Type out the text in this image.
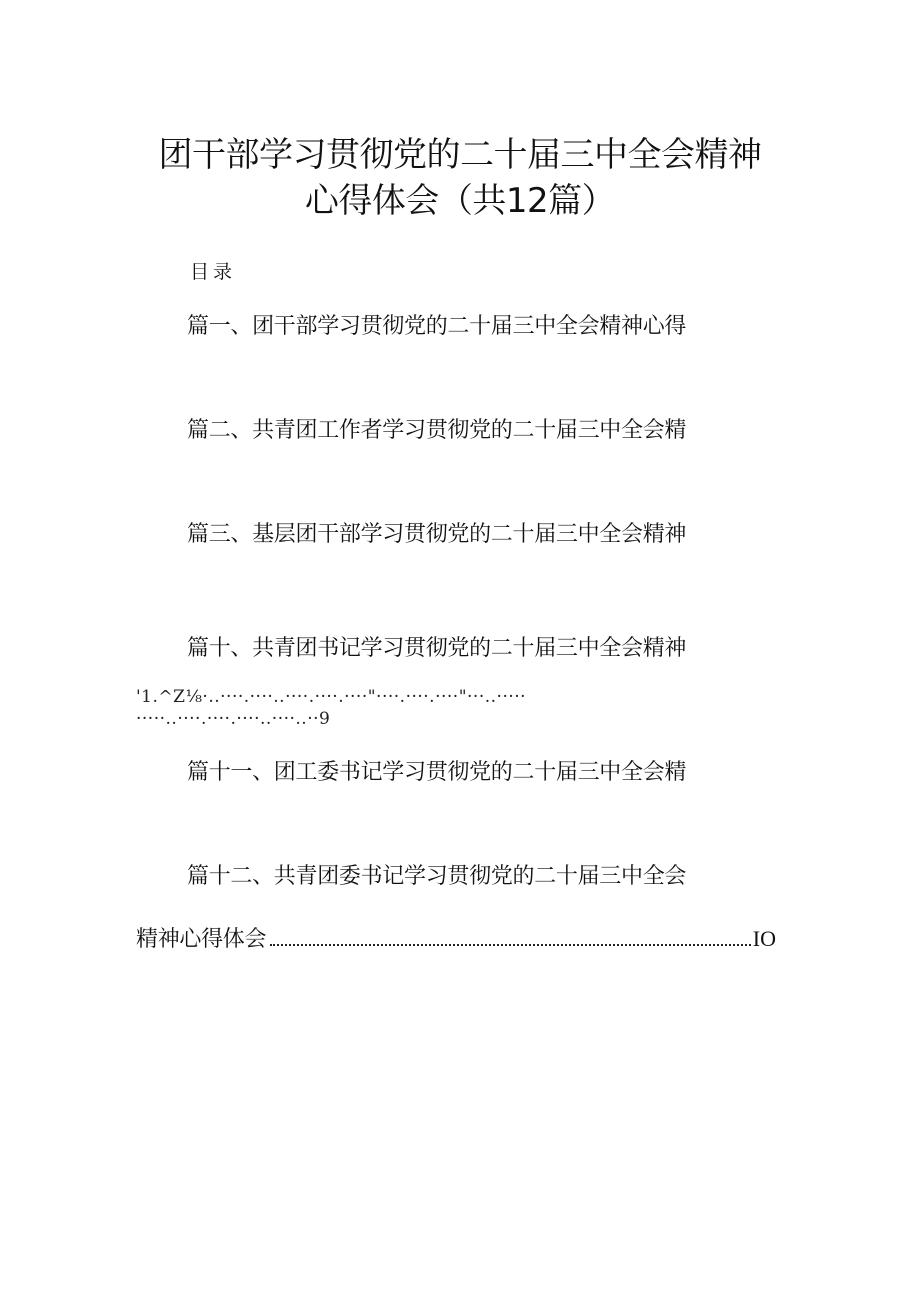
团干部学习贯彻党的二十届三中全会精神
心得体会（共12篇）
目录
篇一、团干部学习贯彻党的二十届三中全会精神心得
篇二、共青团工作者学习贯彻党的二十届三中全会精
篇三、基层团干部学习贯彻党的二十届三中全会精神
篇十、共青团书记学习贯彻党的二十届三中全会精神
'1.^Z⅛·..····.····..····.····.····"····.····.····"···..·····
·····..····.····.····..····..··9
篇十一、团工委书记学习贯彻党的二十届三中全会精
篇十二、共青团委书记学习贯彻党的二十届三中全会
精神心得体会	IO
